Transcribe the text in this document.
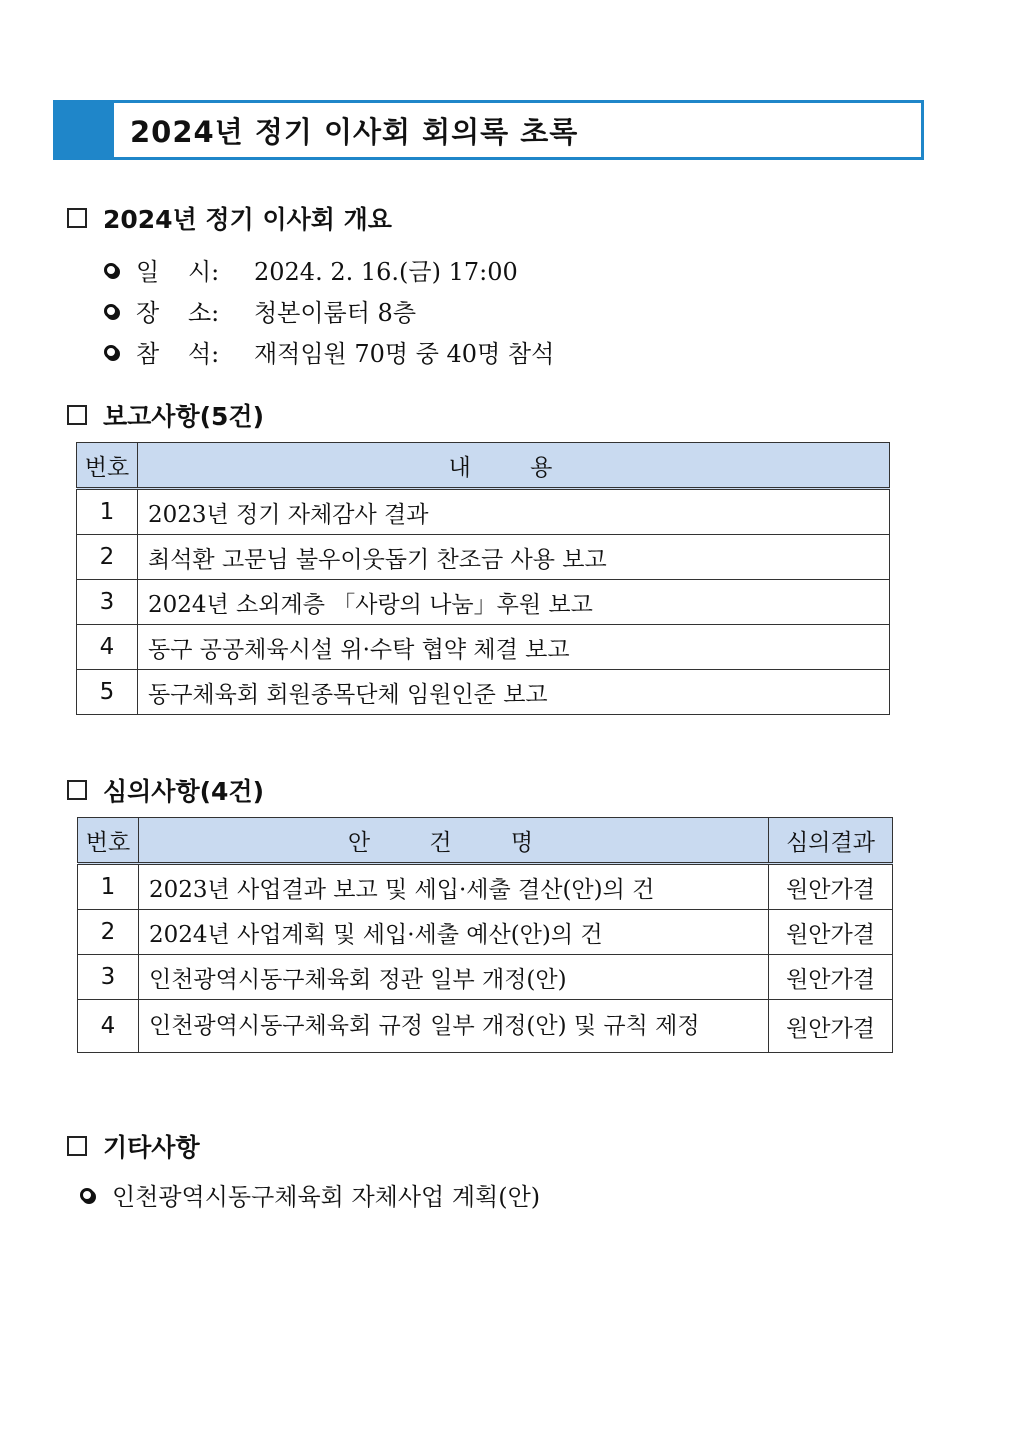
2024년 정기 이사회 회의록 초록
2024년 정기 이사회 개요
일 시:	2024. 2. 16.(금) 17:00
장 소:	청본이룸터 8층
참 석:	재적임원 70명 중 40명 참석
보고사항(5건)
번호	내 용
1	2023년 정기 자체감사 결과
2	최석환 고문님 불우이웃돕기 찬조금 사용 보고
3	2024년 소외계층 「사랑의 나눔」후원 보고
4	동구 공공체육시설 위·수탁 협약 체결 보고
5	동구체육회 회원종목단체 임원인준 보고
심의사항(4건)
번호	안 건 명	심의결과
1	2023년 사업결과 보고 및 세입·세출 결산(안)의 건	원안가결
2	2024년 사업계획 및 세입·세출 예산(안)의 건	원안가결
3	인천광역시동구체육회 정관 일부 개정(안)	원안가결
4	인천광역시동구체육회 규정 일부 개정(안) 및 규칙 제정	원안가결
기타사항
인천광역시동구체육회 자체사업 계획(안)
